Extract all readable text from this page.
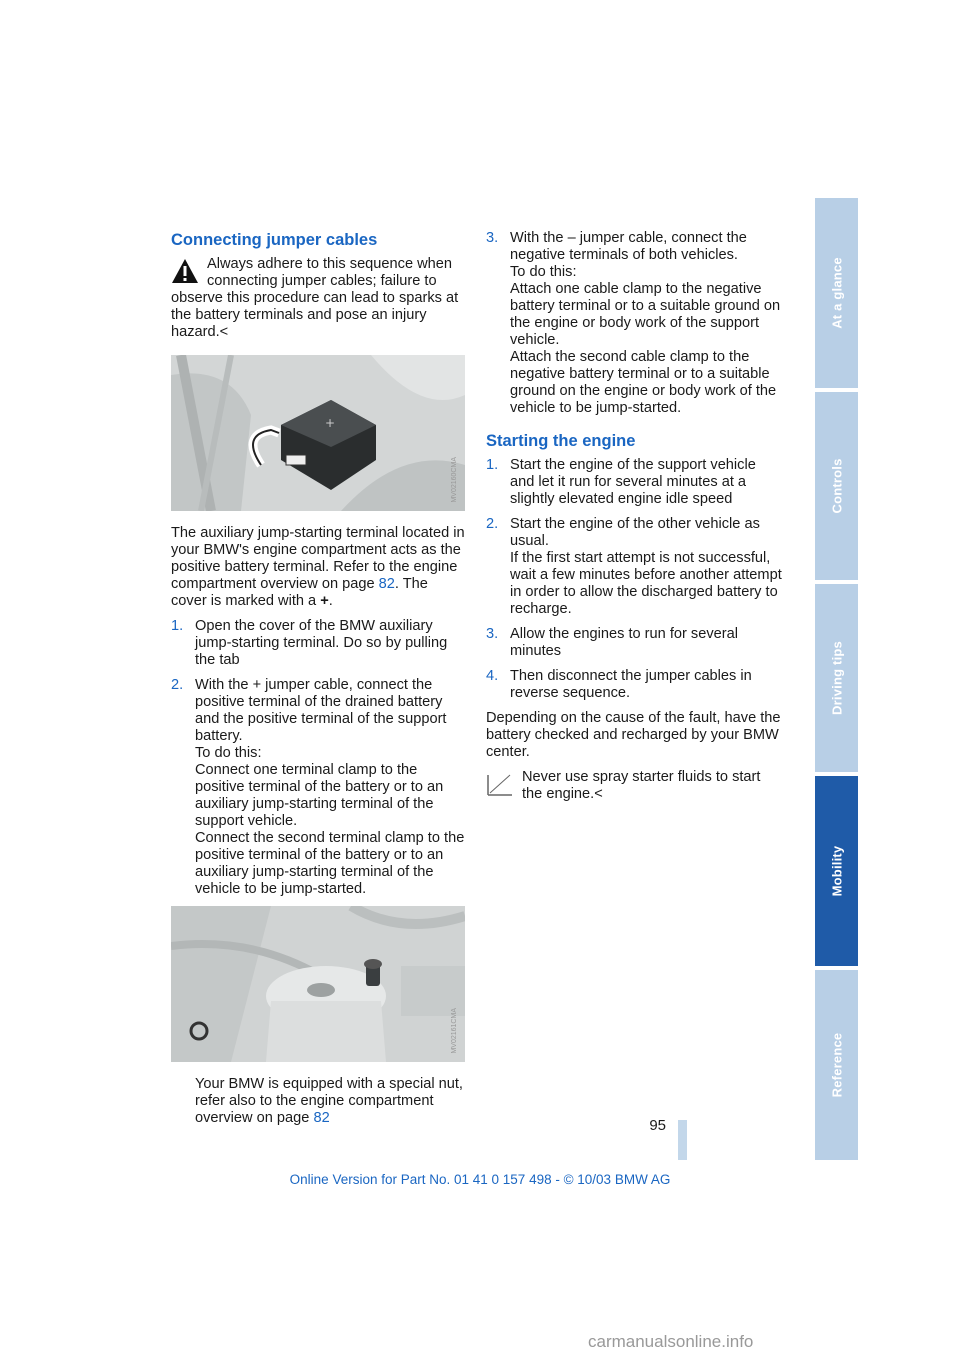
Connecting jumper cables
Always adhere to this sequence when connecting jumper cables; failure to
observe this procedure can lead to sparks at the battery terminals and pose an injury hazard.<
+
MV02160CMA

The auxiliary jump-starting terminal located in your BMW's engine compartment acts as the positive battery terminal. Refer to the engine compartment overview on page 82. The cover is marked with a +.

1. Open the cover of the BMW auxiliary jump-starting terminal. Do so by pulling the tab
2. With the + jumper cable, connect the positive terminal of the drained battery and the positive terminal of the support battery.
To do this:
Connect one terminal clamp to the positive terminal of the battery or to an auxiliary jump-starting terminal of the support vehicle.
Connect the second terminal clamp to the positive terminal of the battery or to an auxiliary jump-starting terminal of the vehicle to be jump-started.
MV02161CMA

Your BMW is equipped with a special nut, refer also to the engine compartment overview on page 82

3. With the – jumper cable, connect the negative terminals of both vehicles.
To do this:
Attach one cable clamp to the negative battery terminal or to a suitable ground on the engine or body work of the support vehicle.
Attach the second cable clamp to the negative battery terminal or to a suitable ground on the engine or body work of the vehicle to be jump-started.
Starting the engine
1. Start the engine of the support vehicle and let it run for several minutes at a slightly elevated engine idle speed
2. Start the engine of the other vehicle as usual.
If the first start attempt is not successful, wait a few minutes before another attempt in order to allow the discharged battery to recharge.
3. Allow the engines to run for several minutes
4. Then disconnect the jumper cables in reverse sequence.

Depending on the cause of the fault, have the battery checked and recharged by your BMW center.

Never use spray starter fluids to start the engine.<
At a glance
Controls
Driving tips
Mobility
Reference
95
Online Version for Part No. 01 41 0 157 498 - © 10/03 BMW AG
carmanualsonline.info
